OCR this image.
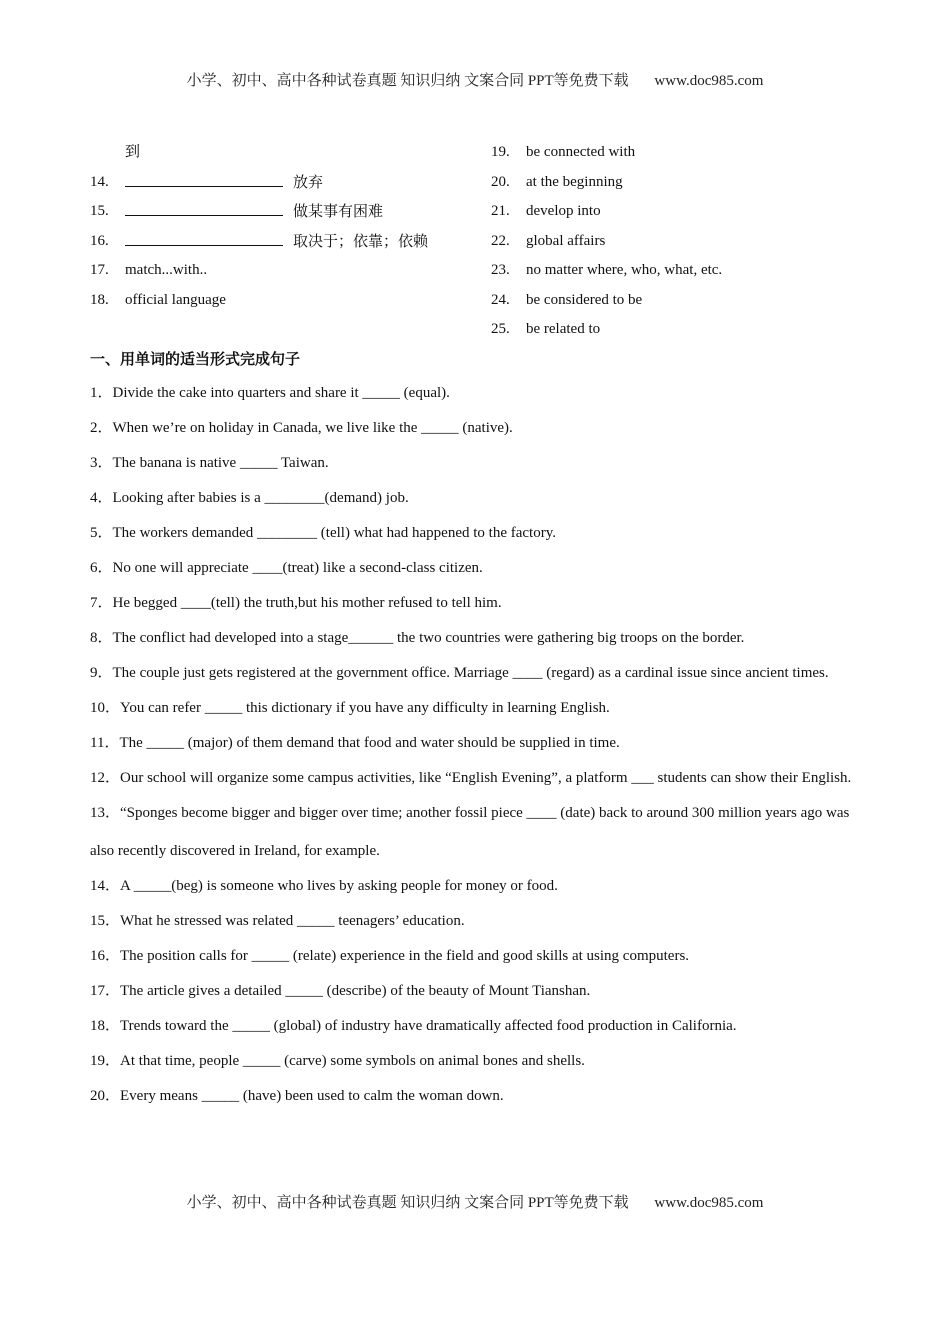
小学、初中、高中各种试卷真题 知识归纳 文案合同 PPT等免费下载 www.doc985.com
到
14.	放弃
15.	做某事有困难
16.	取决于；依靠；依赖
17. match...with..
18. official language
19. be connected with
20. at the beginning
21. develop into
22. global affairs
23. no matter where, who, what, etc.
24. be considered to be
25. be related to
一、用单词的适当形式完成句子

1．Divide the cake into quarters and share it _____ (equal).

2．When we’re on holiday in Canada, we live like the _____ (native).

3．The banana is native _____ Taiwan.

4．Looking after babies is a ________(demand) job.

5．The workers demanded ________ (tell) what had happened to the factory.

6．No one will appreciate ____(treat) like a second-class citizen.

7．He begged ____(tell) the truth,but his mother refused to tell him.

8．The conflict had developed into a stage______ the two countries were gathering big troops on the border.

9．The couple just gets registered at the government office. Marriage ____ (regard) as a cardinal issue since ancient times.

10．You can refer _____ this dictionary if you have any difficulty in learning English.

11．The _____ (major) of them demand that food and water should be supplied in time.

12．Our school will organize some campus activities, like “English Evening”, a platform ___ students can show their English.

13．“Sponges become bigger and bigger over time; another fossil piece ____ (date) back to around 300 million years ago was also recently discovered in Ireland, for example.

14．A _____(beg) is someone who lives by asking people for money or food.

15．What he stressed was related _____ teenagers’ education.

16．The position calls for _____ (relate) experience in the field and good skills at using computers.

17．The article gives a detailed _____ (describe) of the beauty of Mount Tianshan.

18．Trends toward the _____ (global) of industry have dramatically affected food production in California.

19．At that time, people _____ (carve) some symbols on animal bones and shells.

20．Every means _____ (have) been used to calm the woman down.

小学、初中、高中各种试卷真题 知识归纳 文案合同 PPT等免费下载 www.doc985.com
